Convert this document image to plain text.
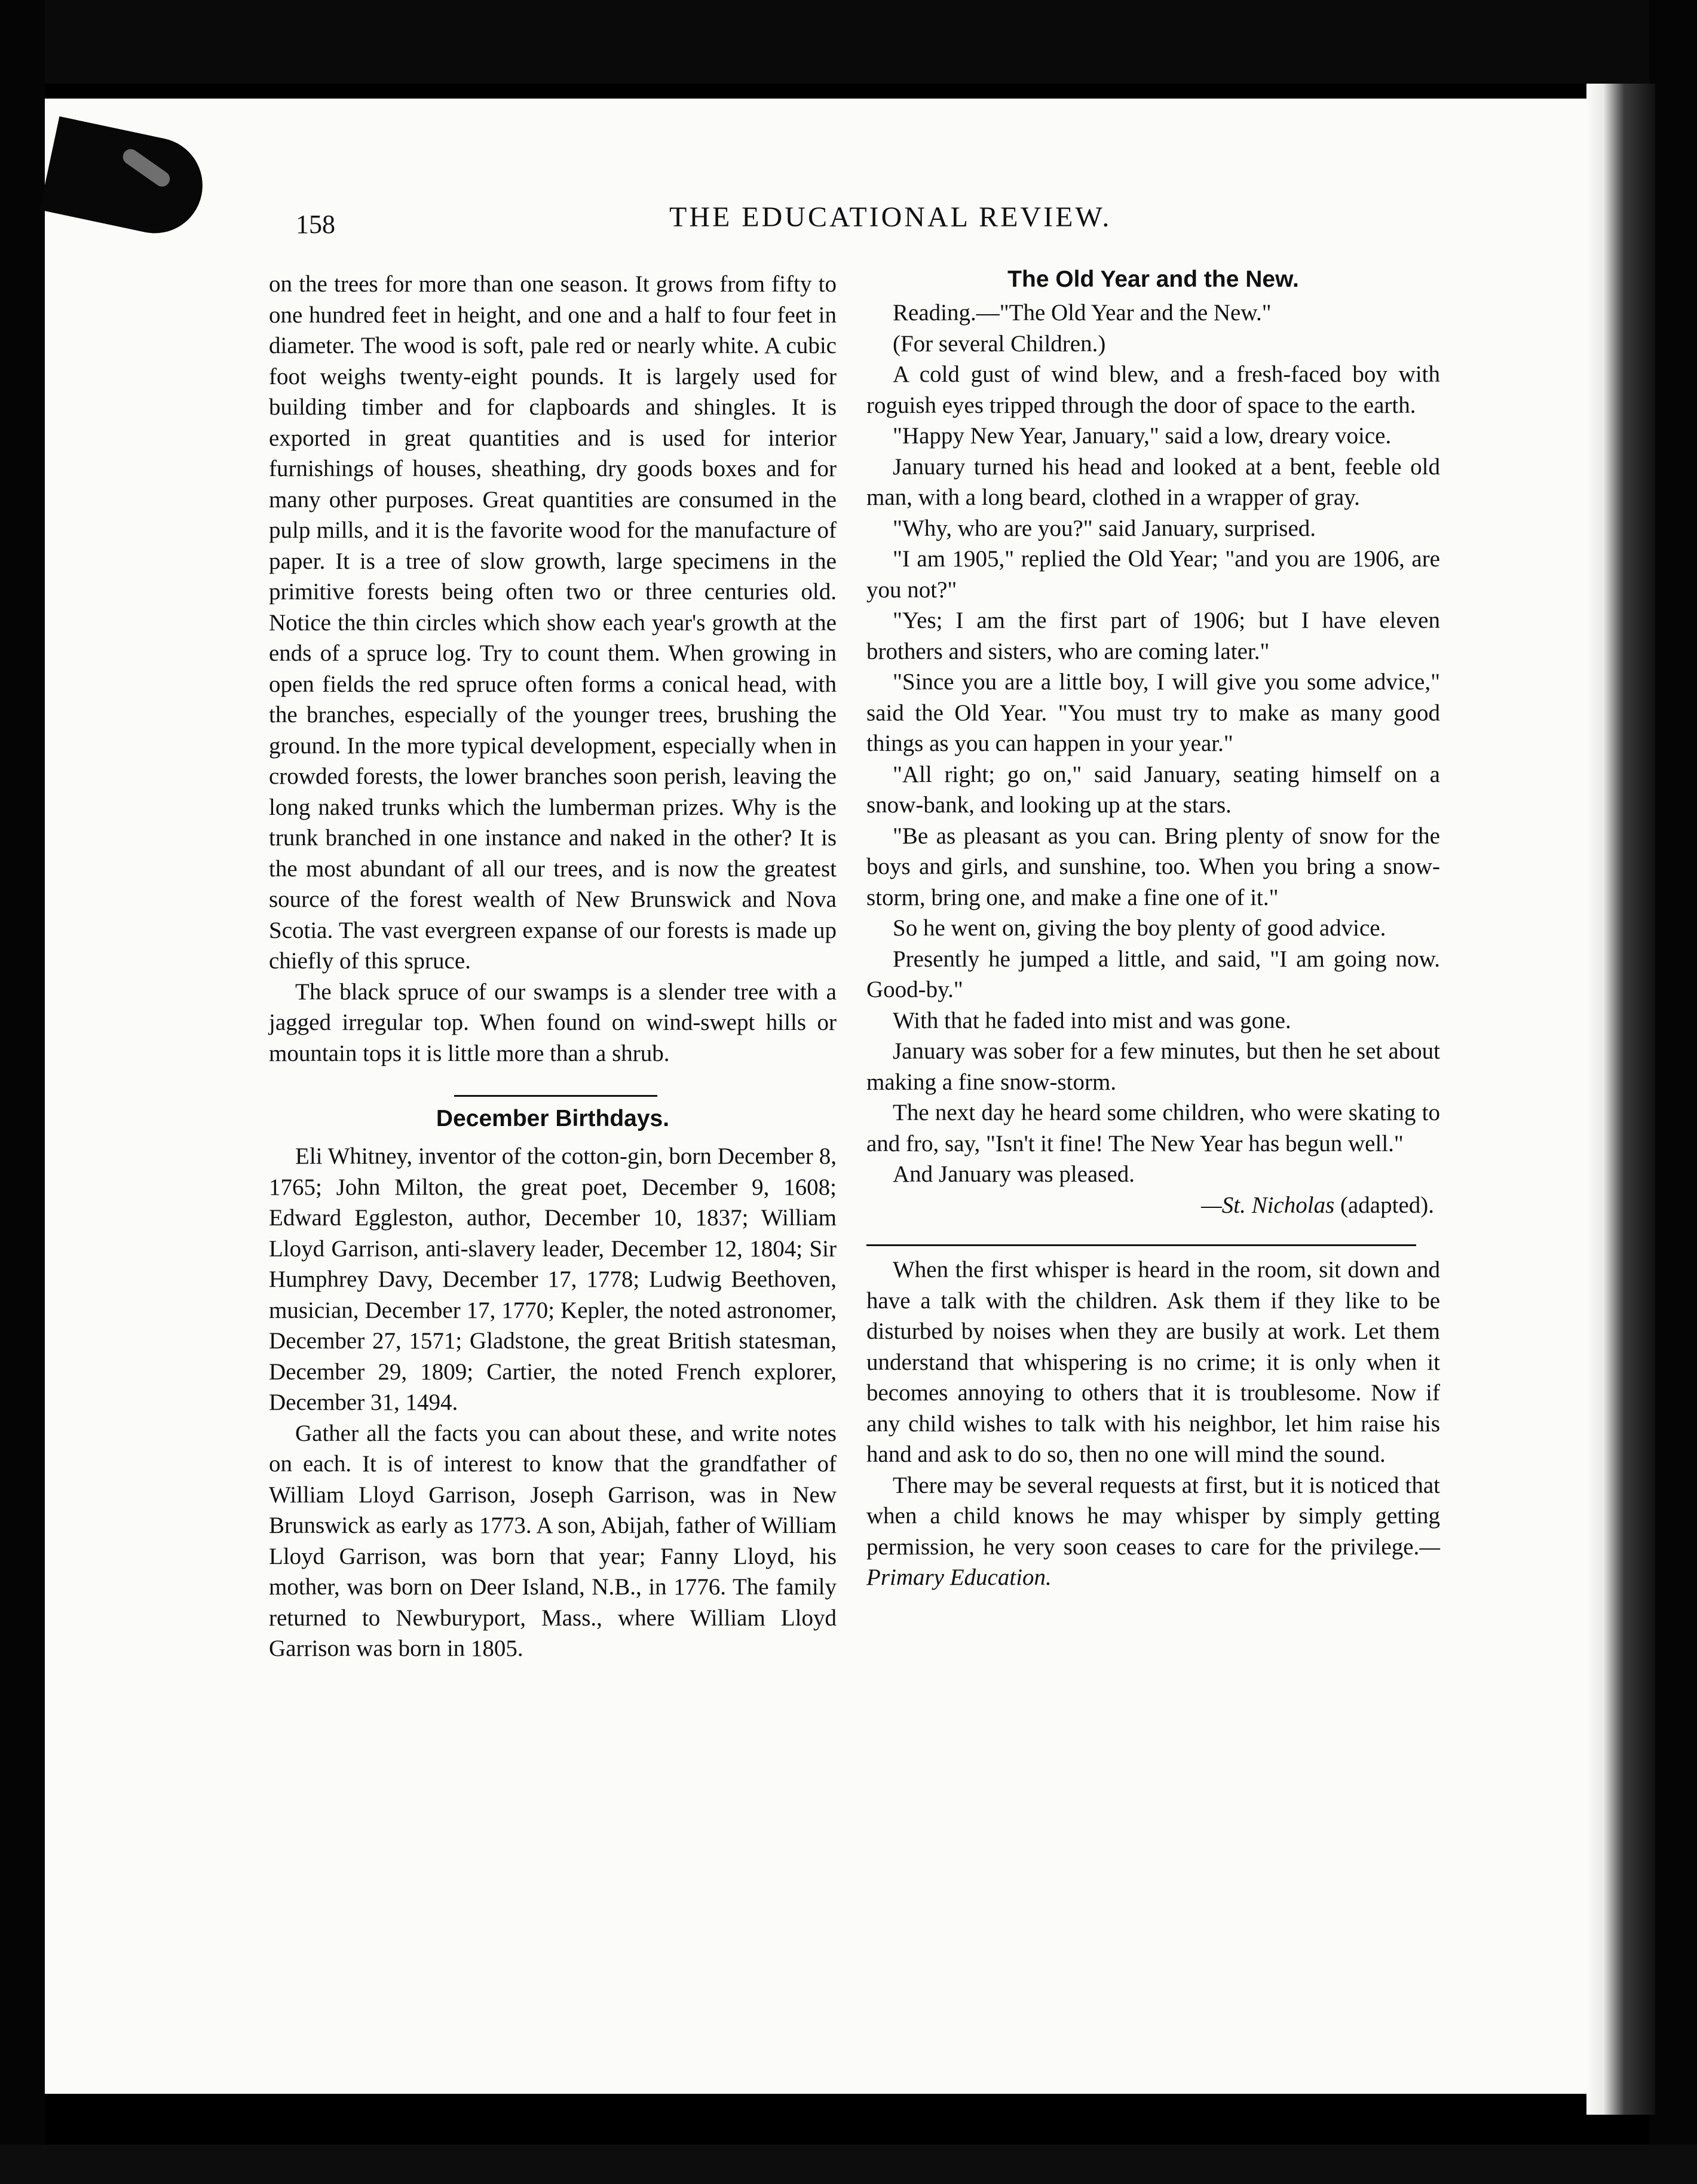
158	THE EDUCATIONAL REVIEW.

on the trees for more than one season. It grows from fifty to one hundred feet in height, and one and a half to four feet in diameter. The wood is soft, pale red or nearly white. A cubic foot weighs twenty-eight pounds. It is largely used for building timber and for clapboards and shingles. It is exported in great quantities and is used for interior furnishings of houses, sheathing, dry goods boxes and for many other purposes. Great quantities are consumed in the pulp mills, and it is the favorite wood for the manufacture of paper. It is a tree of slow growth, large specimens in the primitive forests being often two or three centuries old. Notice the thin circles which show each year's growth at the ends of a spruce log. Try to count them. When growing in open fields the red spruce often forms a conical head, with the branches, especially of the younger trees, brushing the ground. In the more typical development, especially when in crowded forests, the lower branches soon perish, leaving the long naked trunks which the lumberman prizes. Why is the trunk branched in one instance and naked in the other? It is the most abundant of all our trees, and is now the greatest source of the forest wealth of New Brunswick and Nova Scotia. The vast evergreen expanse of our forests is made up chiefly of this spruce.

The black spruce of our swamps is a slender tree with a jagged irregular top. When found on wind-swept hills or mountain tops it is little more than a shrub.

December Birthdays.

Eli Whitney, inventor of the cotton-gin, born December 8, 1765; John Milton, the great poet, December 9, 1608; Edward Eggleston, author, December 10, 1837; William Lloyd Garrison, anti-slavery leader, December 12, 1804; Sir Humphrey Davy, December 17, 1778; Ludwig Beethoven, musician, December 17, 1770; Kepler, the noted astronomer, December 27, 1571; Gladstone, the great British statesman, December 29, 1809; Cartier, the noted French explorer, December 31, 1494.

Gather all the facts you can about these, and write notes on each. It is of interest to know that the grandfather of William Lloyd Garrison, Joseph Garrison, was in New Brunswick as early as 1773. A son, Abijah, father of William Lloyd Garrison, was born that year; Fanny Lloyd, his mother, was born on Deer Island, N.B., in 1776. The family returned to Newburyport, Mass., where William Lloyd Garrison was born in 1805.

The Old Year and the New.

Reading.—"The Old Year and the New."

(For several Children.)

A cold gust of wind blew, and a fresh-faced boy with roguish eyes tripped through the door of space to the earth.

"Happy New Year, January," said a low, dreary voice.

January turned his head and looked at a bent, feeble old man, with a long beard, clothed in a wrapper of gray.

"Why, who are you?" said January, surprised.

"I am 1905," replied the Old Year; "and you are 1906, are you not?"

"Yes; I am the first part of 1906; but I have eleven brothers and sisters, who are coming later."

"Since you are a little boy, I will give you some advice," said the Old Year. "You must try to make as many good things as you can happen in your year."

"All right; go on," said January, seating himself on a snow-bank, and looking up at the stars.

"Be as pleasant as you can. Bring plenty of snow for the boys and girls, and sunshine, too. When you bring a snow-storm, bring one, and make a fine one of it."

So he went on, giving the boy plenty of good advice.

Presently he jumped a little, and said, "I am going now. Good-by."

With that he faded into mist and was gone.

January was sober for a few minutes, but then he set about making a fine snow-storm.

The next day he heard some children, who were skating to and fro, say, "Isn't it fine! The New Year has begun well."

And January was pleased.

—St. Nicholas (adapted).

When the first whisper is heard in the room, sit down and have a talk with the children. Ask them if they like to be disturbed by noises when they are busily at work. Let them understand that whispering is no crime; it is only when it becomes annoying to others that it is troublesome. Now if any child wishes to talk with his neighbor, let him raise his hand and ask to do so, then no one will mind the sound.

There may be several requests at first, but it is noticed that when a child knows he may whisper by simply getting permission, he very soon ceases to care for the privilege.—Primary Education.
